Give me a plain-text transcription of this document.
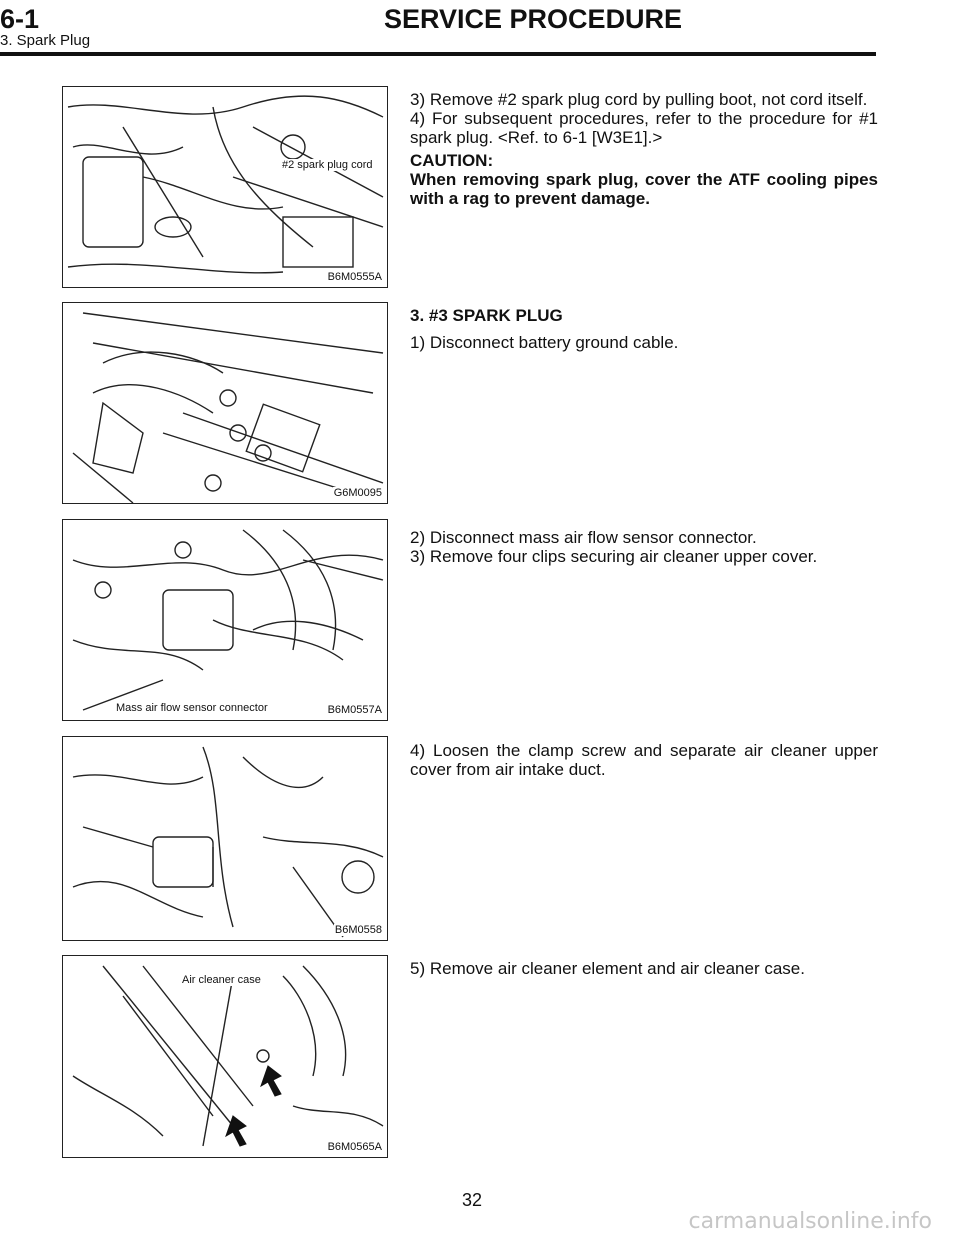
6-1	SERVICE PROCEDURE
3. Spark Plug
#2 spark plug cord
B6M0555A
G6M0095
Mass air flow sensor connector	B6M0557A
B6M0558
Air cleaner case
B6M0565A

3) Remove #2 spark plug cord by pulling boot, not cord itself.

4) For subsequent procedures, refer to the procedure for #1 spark plug. <Ref. to 6-1 [W3E1].>

CAUTION:

When removing spark plug, cover the ATF cooling pipes with a rag to prevent damage.

3. #3 SPARK PLUG

1) Disconnect battery ground cable.

2) Disconnect mass air flow sensor connector.

3) Remove four clips securing air cleaner upper cover.

4) Loosen the clamp screw and separate air cleaner upper cover from air intake duct.

5) Remove air cleaner element and air cleaner case.

32
carmanualsonline.info
